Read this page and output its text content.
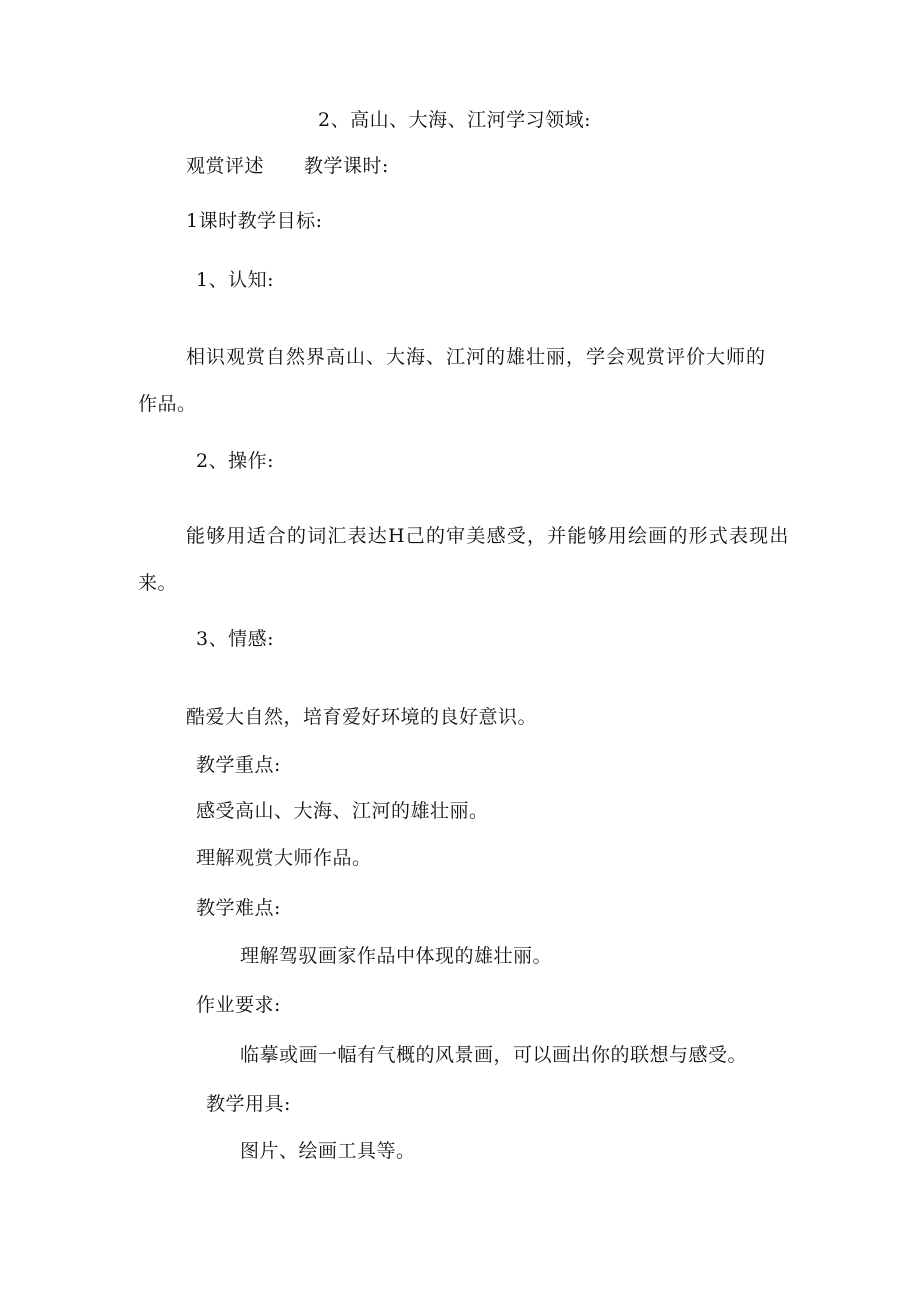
2、高山、大海、江河学习领域:
观赏评述 教学课时:
1课时教学目标:
1、认知:
相识观赏自然界高山、大海、江河的雄壮丽，学会观赏评价大师的
作品。
2、操作:
能够用适合的词汇表达H己的审美感受，并能够用绘画的形式表现出
来。
3、情感:
酷爱大自然，培育爱好环境的良好意识。
教学重点:
感受高山、大海、江河的雄壮丽。
理解观赏大师作品。
教学难点:
理解驾驭画家作品中体现的雄壮丽。
作业要求:
临摹或画一幅有气概的风景画，可以画出你的联想与感受。
教学用具:
图片、绘画工具等。
